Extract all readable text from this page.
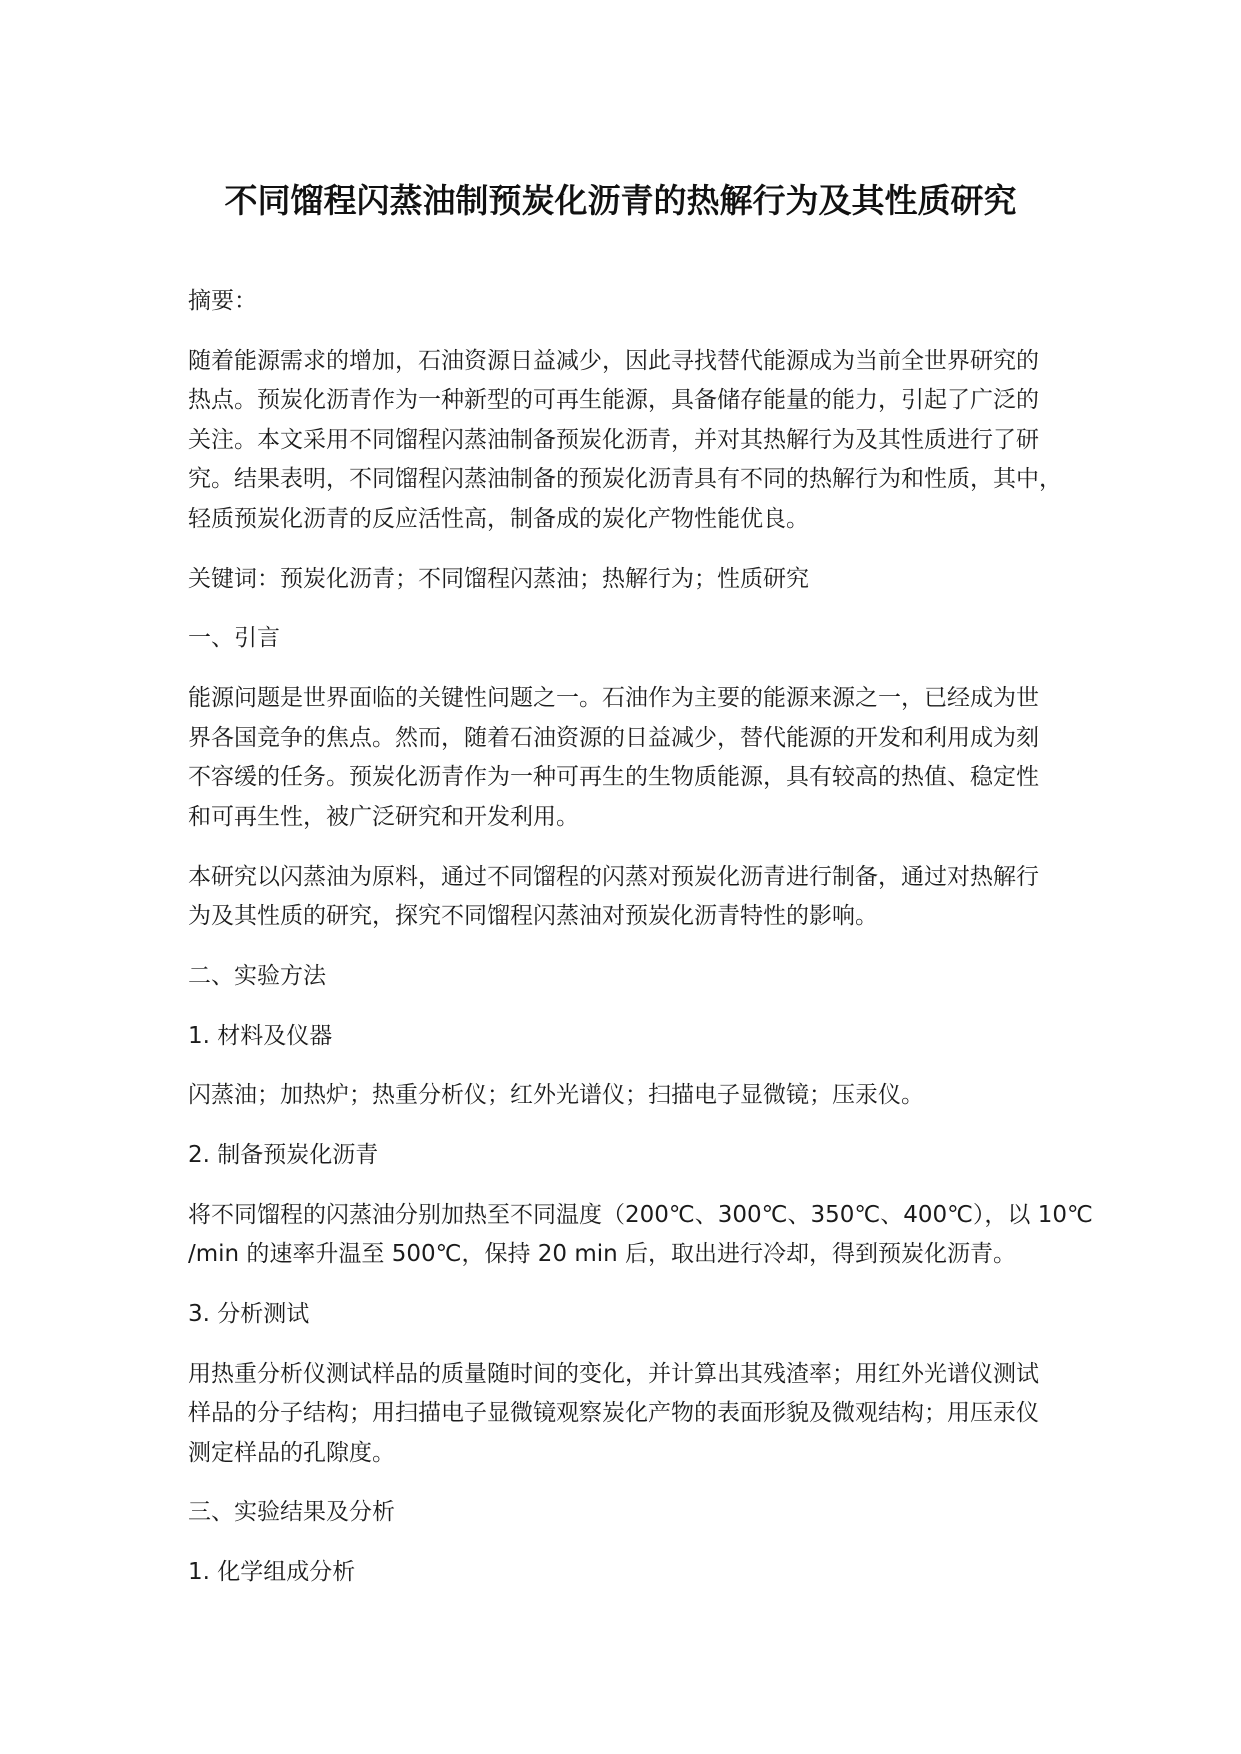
不同馏程闪蒸油制预炭化沥青的热解行为及其性质研究
摘要：
随着能源需求的增加，石油资源日益减少，因此寻找替代能源成为当前全世界研究的
热点。预炭化沥青作为一种新型的可再生能源，具备储存能量的能力，引起了广泛的
关注。本文采用不同馏程闪蒸油制备预炭化沥青，并对其热解行为及其性质进行了研
究。结果表明，不同馏程闪蒸油制备的预炭化沥青具有不同的热解行为和性质，其中，
轻质预炭化沥青的反应活性高，制备成的炭化产物性能优良。
关键词：预炭化沥青；不同馏程闪蒸油；热解行为；性质研究
一、引言
能源问题是世界面临的关键性问题之一。石油作为主要的能源来源之一，已经成为世
界各国竞争的焦点。然而，随着石油资源的日益减少，替代能源的开发和利用成为刻
不容缓的任务。预炭化沥青作为一种可再生的生物质能源，具有较高的热值、稳定性
和可再生性，被广泛研究和开发利用。
本研究以闪蒸油为原料，通过不同馏程的闪蒸对预炭化沥青进行制备，通过对热解行
为及其性质的研究，探究不同馏程闪蒸油对预炭化沥青特性的影响。
二、实验方法
1. 材料及仪器
闪蒸油；加热炉；热重分析仪；红外光谱仪；扫描电子显微镜；压汞仪。
2. 制备预炭化沥青
将不同馏程的闪蒸油分别加热至不同温度（200℃、300℃、350℃、400℃），以 10℃
/min 的速率升温至 500℃，保持 20 min 后，取出进行冷却，得到预炭化沥青。
3. 分析测试
用热重分析仪测试样品的质量随时间的变化，并计算出其残渣率；用红外光谱仪测试
样品的分子结构；用扫描电子显微镜观察炭化产物的表面形貌及微观结构；用压汞仪
测定样品的孔隙度。
三、实验结果及分析
1. 化学组成分析
